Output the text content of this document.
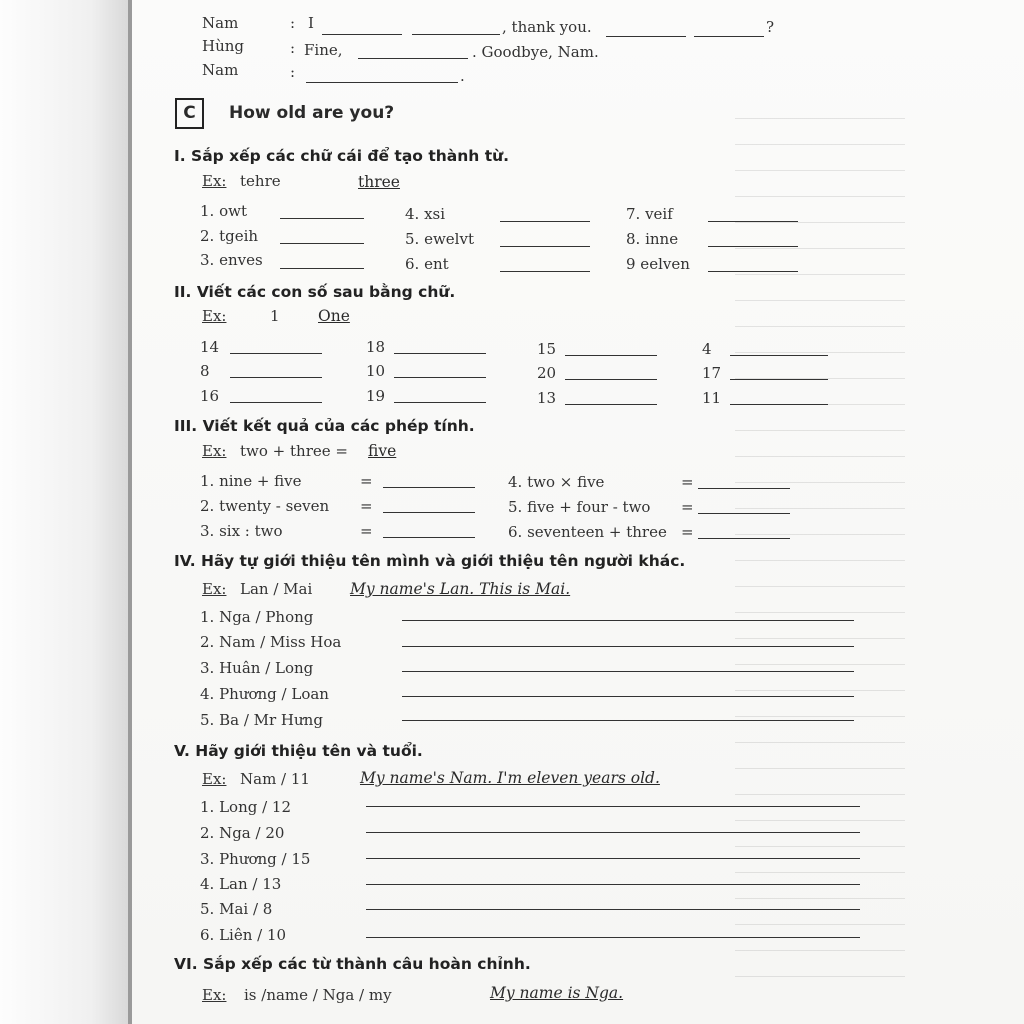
Nam	: I	, thank you.	?
Hùng	: Fine,	. Goodbye, Nam.
Nam	:	.
C	How old are you?
I. Sắp xếp các chữ cái để tạo thành từ.
Ex: tehre	three
1. owt	4. xsi	7. veif
2. tgeih	5. ewelvt	8. inne
3. enves	6. ent	9 eelven
II. Viết các con số sau bằng chữ.
Ex:	1 One
14	18	15	4
8	10	20	17
16	19	13	11
III. Viết kết quả của các phép tính.
Ex: two + three = five
1. nine + five	=	4. two × five	=
2. twenty - seven =	5. five + four - two =
3. six : two	=	6. seventeen + three =
IV. Hãy tự giới thiệu tên mình và giới thiệu tên người khác.
Ex: Lan / Mai My name's Lan. This is Mai.
1. Nga / Phong
2. Nam / Miss Hoa
3. Huân / Long
4. Phương / Loan
5. Ba / Mr Hưng
V. Hãy giới thiệu tên và tuổi.
Ex: Nam / 11	My name's Nam. I'm eleven years old.
1. Long / 12
2. Nga / 20
3. Phương / 15
4. Lan / 13
5. Mai / 8
6. Liên / 10
VI. Sắp xếp các từ thành câu hoàn chỉnh.
Ex: is /name / Nga / my	My name is Nga.
